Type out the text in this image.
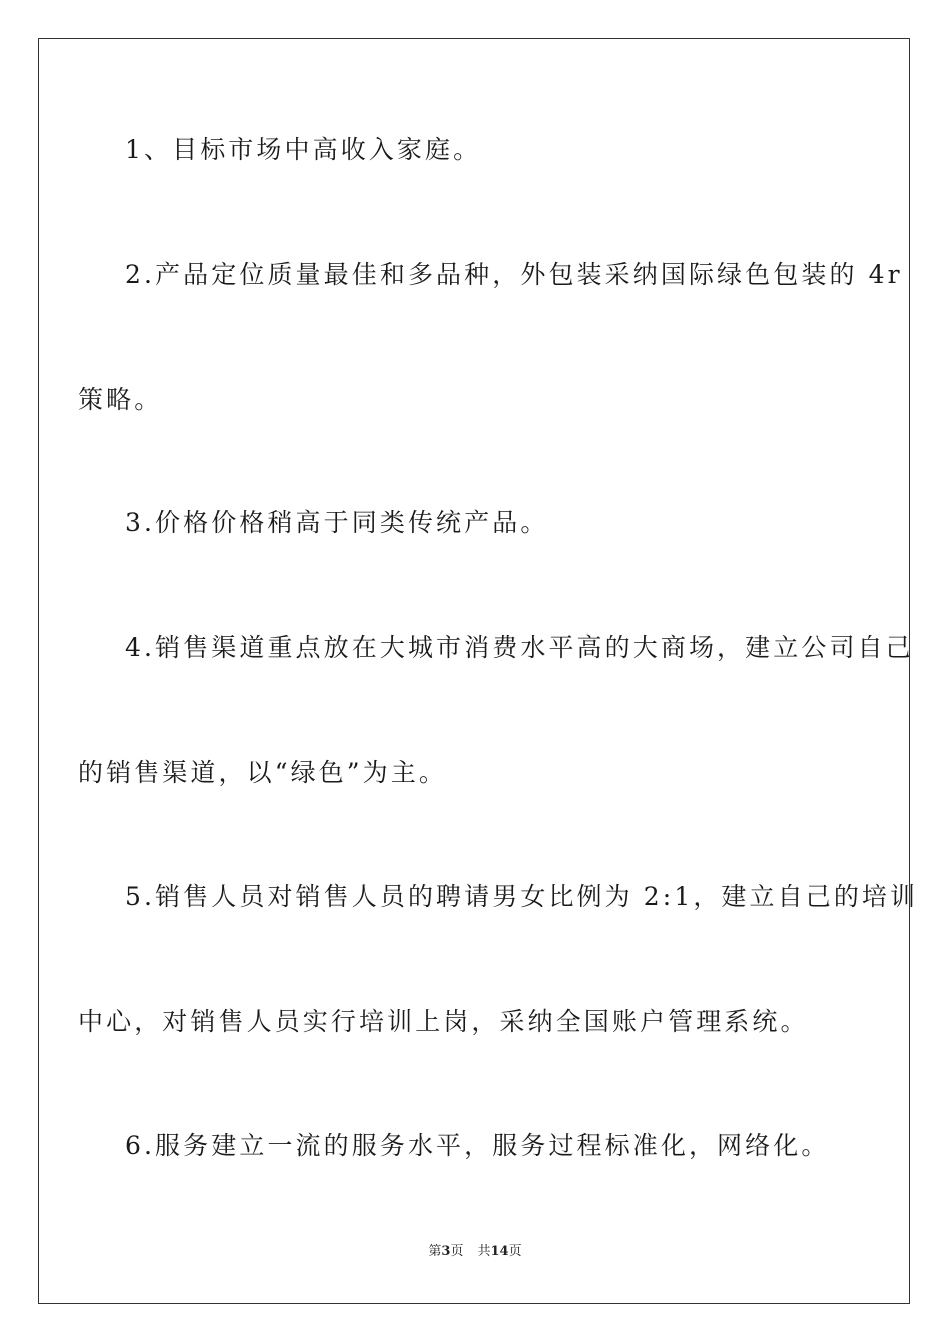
1、目标市场中高收入家庭。
2.产品定位质量最佳和多品种，外包装采纳国际绿色包装的 4r
策略。
3.价格价格稍高于同类传统产品。
4.销售渠道重点放在大城市消费水平高的大商场，建立公司自己
的销售渠道，以“绿色”为主。
5.销售人员对销售人员的聘请男女比例为 2:1，建立自己的培训
中心，对销售人员实行培训上岗，采纳全国账户管理系统。
6.服务建立一流的服务水平，服务过程标准化，网络化。
第3页 共14页
